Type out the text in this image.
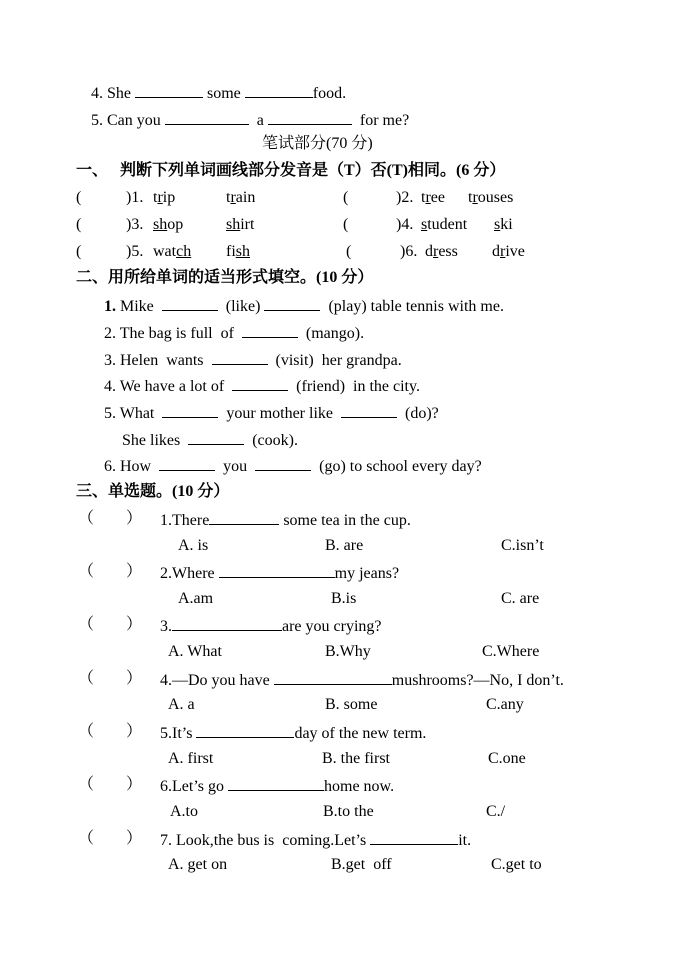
4. She	some	food.
5. Can you	a	for me?
笔试部分(70 分)
一、   判断下列单词画线部分发音是（T）否(T)相同。(6 分）
(	)1. trip	train	(	)2. tree trouses
(	)3. shop	shirt	(	)4. student ski
(	)5. watch fish	(	)6. dress drive
二、用所给单词的适当形式填空。(10 分）
1. Mike	(like)	(play) table tennis with me.
2. The bag is full  of	(mango).
3. Helen  wants	(visit)  her grandpa.
4. We have a lot of	(friend)  in the city.
5. What	your mother like	(do)?
She likes	(cook).
6. How	you	(go) to school every day?
三、单选题。(10 分）
（        ） 1.There	some tea in the cup.
A. is	B. are	C.isn’t
（        ） 2.Where	my jeans?
A.am	B.is	C. are
（        ） 3.	are you crying?
A. What	B.Why	C.Where
（        ） 4.—Do you have	mushrooms?—No, I don’t.
A. a	B. some	C.any
（        ） 5.It’s	day of the new term.
A. first	B. the first	C.one
（        ） 6.Let’s go	home now.
A.to	B.to the	C./
（        ） 7. Look,the bus is  coming.Let’s	it.
A. get on	B.get  off	C.get to
